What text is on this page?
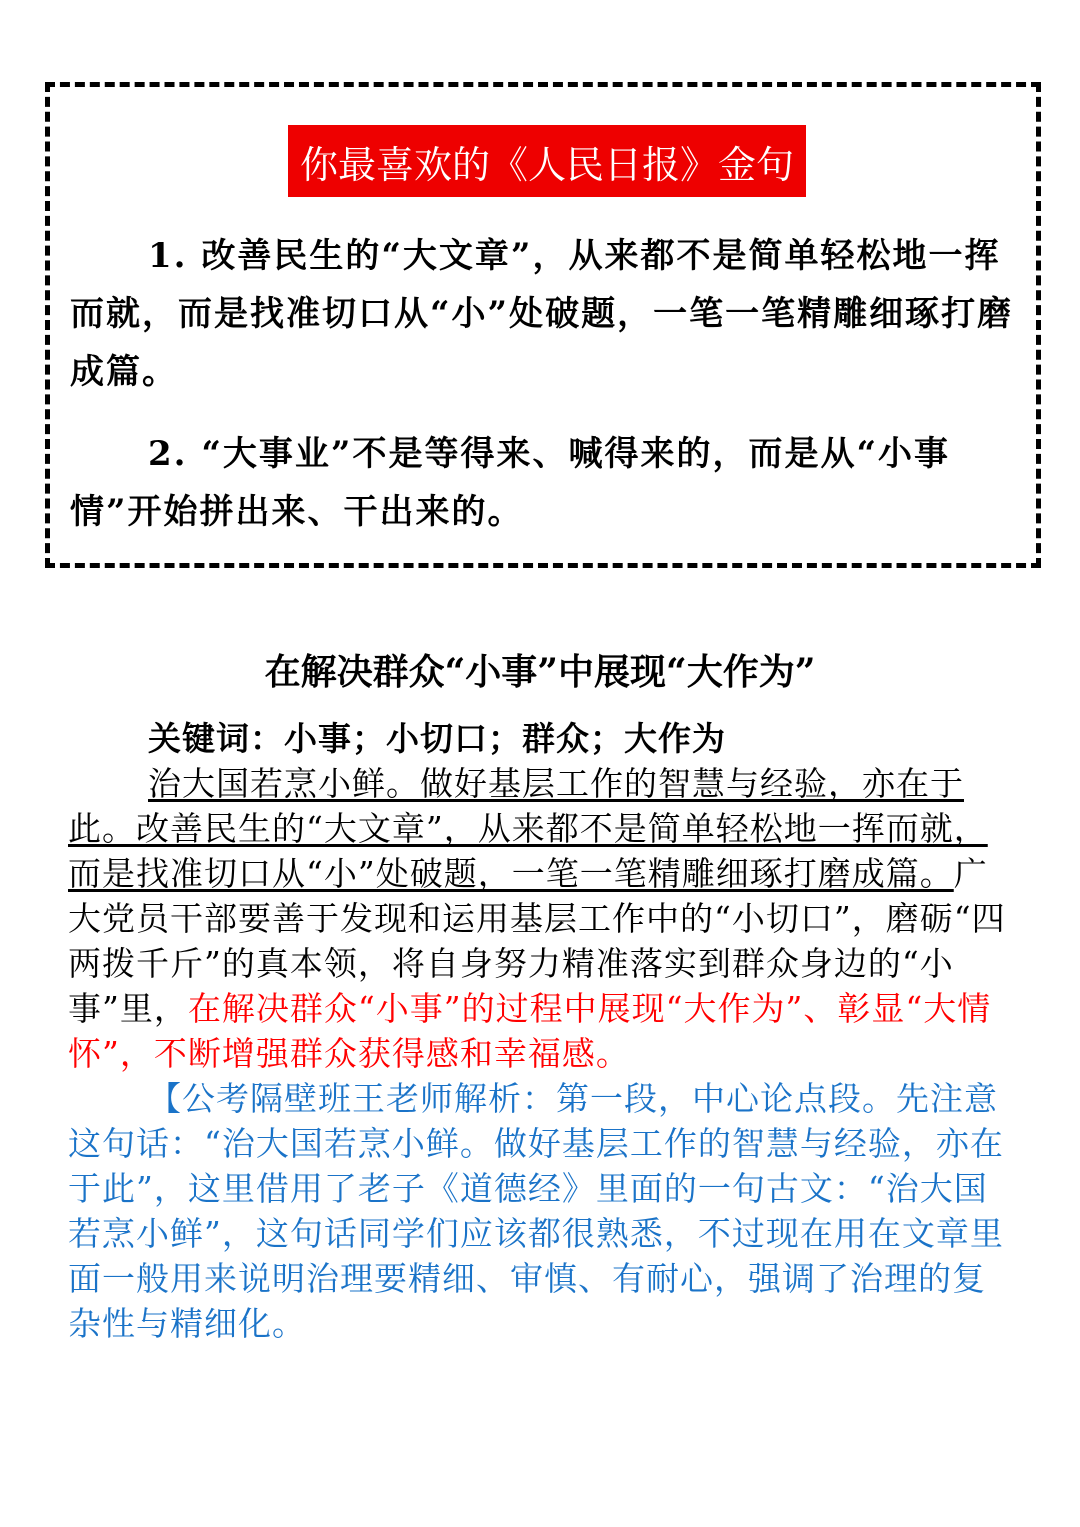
你最喜欢的《人民日报》金句
1. 改善民生的“大文章”，从来都不是简单轻松地一挥而就，而是找准切口从“小”处破题，一笔一笔精雕细琢打磨成篇。
2. “大事业”不是等得来、喊得来的，而是从“小事情”开始拼出来、干出来的。
在解决群众“小事”中展现“大作为”

关键词：小事；小切口；群众；大作为

治大国若烹小鲜。做好基层工作的智慧与经验，亦在于此。改善民生的“大文章”，从来都不是简单轻松地一挥而就，而是找准切口从“小”处破题，一笔一笔精雕细琢打磨成篇。广大党员干部要善于发现和运用基层工作中的“小切口”，磨砺“四两拨千斤”的真本领，将自身努力精准落实到群众身边的“小事”里，在解决群众“小事”的过程中展现“大作为”、彰显“大情怀”，不断增强群众获得感和幸福感。

【公考隔壁班王老师解析：第一段，中心论点段。先注意这句话：“治大国若烹小鲜。做好基层工作的智慧与经验，亦在于此”，这里借用了老子《道德经》里面的一句古文：“治大国若烹小鲜”，这句话同学们应该都很熟悉，不过现在用在文章里面一般用来说明治理要精细、审慎、有耐心，强调了治理的复杂性与精细化。
